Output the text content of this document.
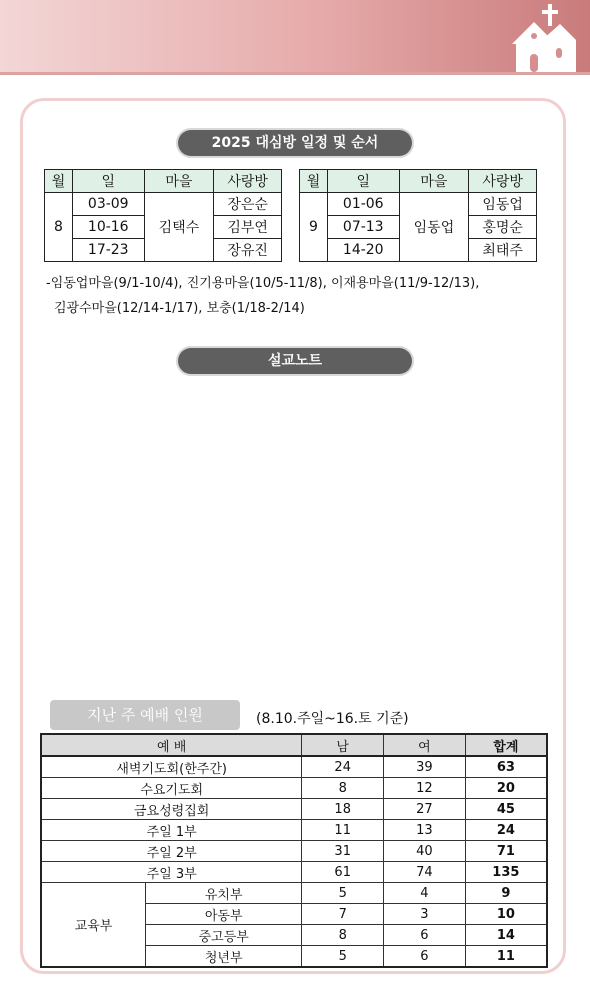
2025 대심방 일정 및 순서
월	일	마을	사랑방
8	03-09	김택수	장은순
	10-16		김부연
	17-23		장유진
월	일	마을	사랑방
9	01-06	임동업	임동업
	07-13		홍명순
	14-20		최태주
-임동업마을(9/1-10/4), 진기용마을(10/5-11/8), 이재용마을(11/9-12/13),
김광수마을(12/14-1/17), 보충(1/18-2/14)
설교노트
지난 주 예배 인원	(8.10.주일~16.토 기준)
예 배		남	여	합계
새벽기도회(한주간)		24	39	63
수요기도회		8	12	20
금요성령집회		18	27	45
주일 1부		11	13	24
주일 2부		31	40	71
주일 3부		61	74	135
교육부	유치부	5	4	9
	아동부	7	3	10
	중고등부	8	6	14
	청년부	5	6	11
